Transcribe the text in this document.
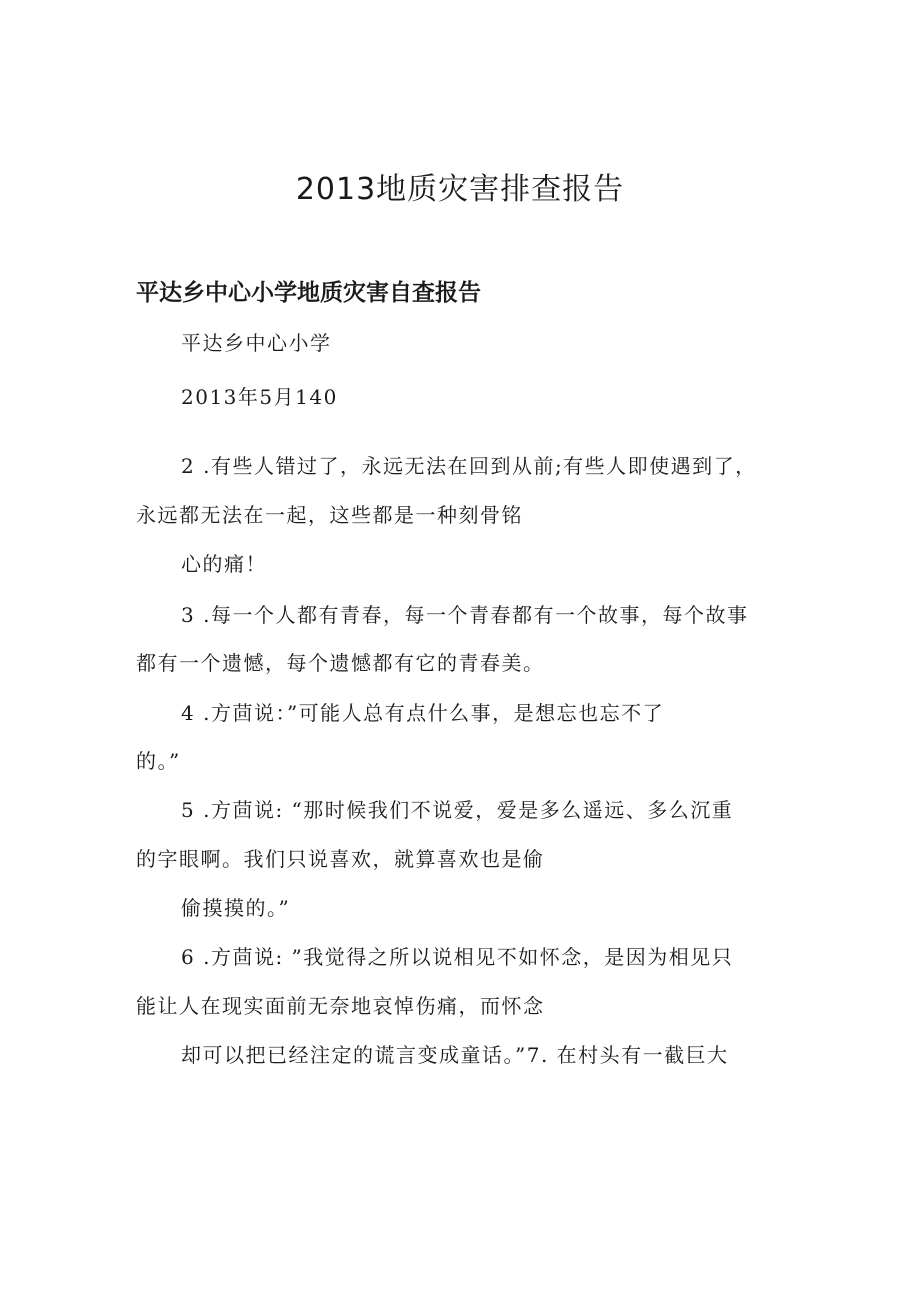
2013地质灾害排查报告
平达乡中心小学地质灾害自查报告
平达乡中心小学
2013年5月140
2 .有些人错过了，永远无法在回到从前;有些人即使遇到了，
永远都无法在一起，这些都是一种刻骨铭
心的痛！
3 .每一个人都有青春，每一个青春都有一个故事，每个故事
都有一个遗憾，每个遗憾都有它的青春美。
4 .方茴说：”可能人总有点什么事，是想忘也忘不了
的。”
5 .方茴说: “那时候我们不说爱，爱是多么遥远、多么沉重
的字眼啊。我们只说喜欢，就算喜欢也是偷
偷摸摸的。”
6 .方茴说: ”我觉得之所以说相见不如怀念，是因为相见只
能让人在现实面前无奈地哀悼伤痛，而怀念
却可以把已经注定的谎言变成童话。”7. 在村头有一截巨大
